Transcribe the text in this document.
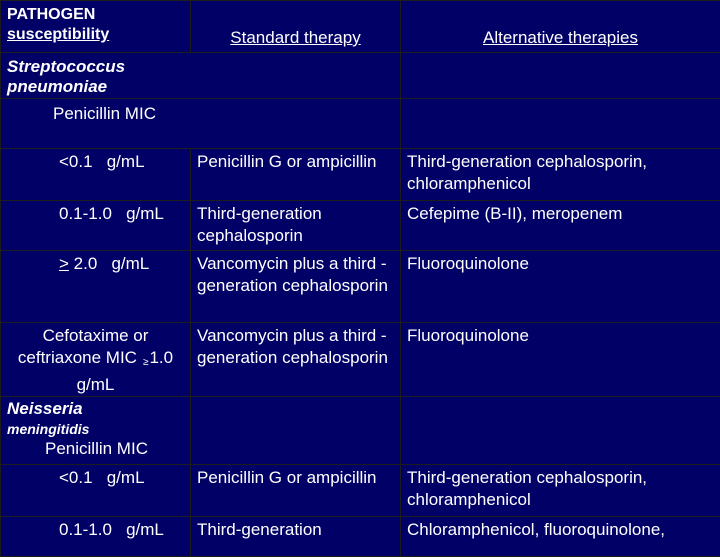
PATHOGEN
susceptibility	Standard therapy	Alternative therapies

Streptococcus
pneumoniae		

Penicillin MIC		
<0.1   g/mL	Penicillin G or ampicillin	Third-generation cephalosporin, chloramphenicol
0.1-1.0   g/mL	Third-generation cephalosporin	Cefepime (B-II), meropenem
> 2.0   g/mL	Vancomycin plus a third -generation cephalosporin	Fluoroquinolone

Cefotaxime or
ceftriaxone MIC $_\ge$1.0
g/mL	Vancomycin plus a third -generation cephalosporin	Fluoroquinolone

Neisseria
meningitidis
Penicillin MIC		

<0.1   g/mL	Penicillin G or ampicillin	Third-generation cephalosporin, chloramphenicol
0.1-1.0   g/mL	Third-generation	Chloramphenicol, fluoroquinolone,
